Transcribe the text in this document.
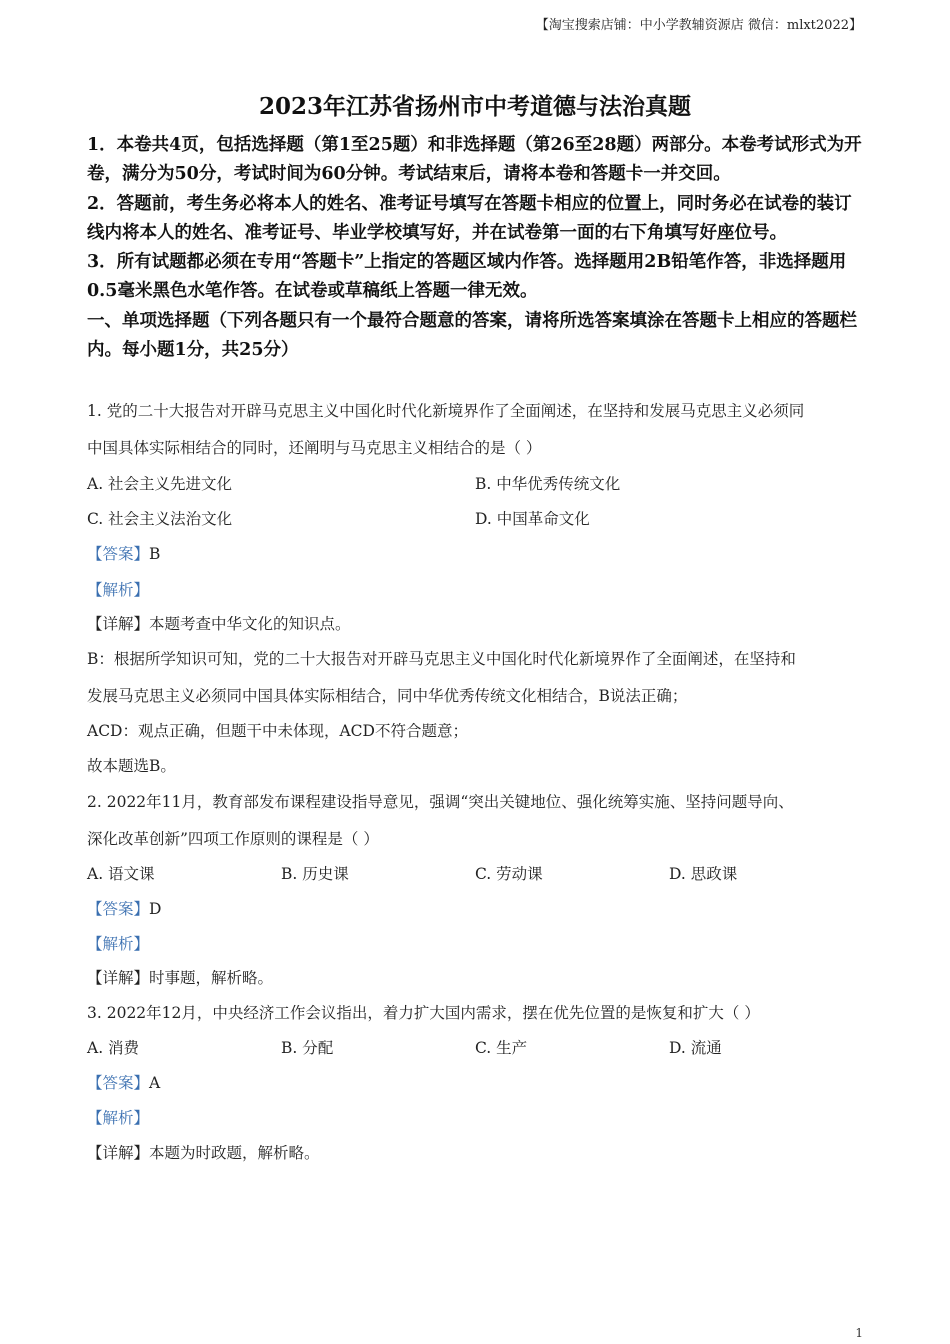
【淘宝搜索店铺：中小学教辅资源店 微信：mlxt2022】
2023年江苏省扬州市中考道德与法治真题
1．本卷共4页，包括选择题（第1至25题）和非选择题（第26至28题）两部分。本卷考试形式为开卷，满分为50分，考试时间为60分钟。考试结束后，请将本卷和答题卡一并交回。
2．答题前，考生务必将本人的姓名、准考证号填写在答题卡相应的位置上，同时务必在试卷的装订线内将本人的姓名、准考证号、毕业学校填写好，并在试卷第一面的右下角填写好座位号。
3．所有试题都必须在专用“答题卡”上指定的答题区域内作答。选择题用2B铅笔作答，非选择题用0.5毫米黑色水笔作答。在试卷或草稿纸上答题一律无效。
一、单项选择题（下列各题只有一个最符合题意的答案，请将所选答案填涂在答题卡上相应的答题栏内。每小题1分，共25分）
1. 党的二十大报告对开辟马克思主义中国化时代化新境界作了全面阐述，在坚持和发展马克思主义必须同
中国具体实际相结合的同时，还阐明与马克思主义相结合的是（ ）
A. 社会主义先进文化	B. 中华优秀传统文化
C. 社会主义法治文化	D. 中国革命文化
【答案】B
【解析】
【详解】本题考查中华文化的知识点。
B：根据所学知识可知，党的二十大报告对开辟马克思主义中国化时代化新境界作了全面阐述，在坚持和
发展马克思主义必须同中国具体实际相结合，同中华优秀传统文化相结合，B说法正确；
ACD：观点正确，但题干中未体现，ACD不符合题意；
故本题选B。
2. 2022年11月，教育部发布课程建设指导意见，强调“突出关键地位、强化统筹实施、坚持问题导向、
深化改革创新”四项工作原则的课程是（ ）
A. 语文课	B. 历史课	C. 劳动课	D. 思政课
【答案】D
【解析】
【详解】时事题，解析略。
3. 2022年12月，中央经济工作会议指出，着力扩大国内需求，摆在优先位置的是恢复和扩大（ ）
A. 消费	B. 分配	C. 生产	D. 流通
【答案】A
【解析】
【详解】本题为时政题，解析略。
1
